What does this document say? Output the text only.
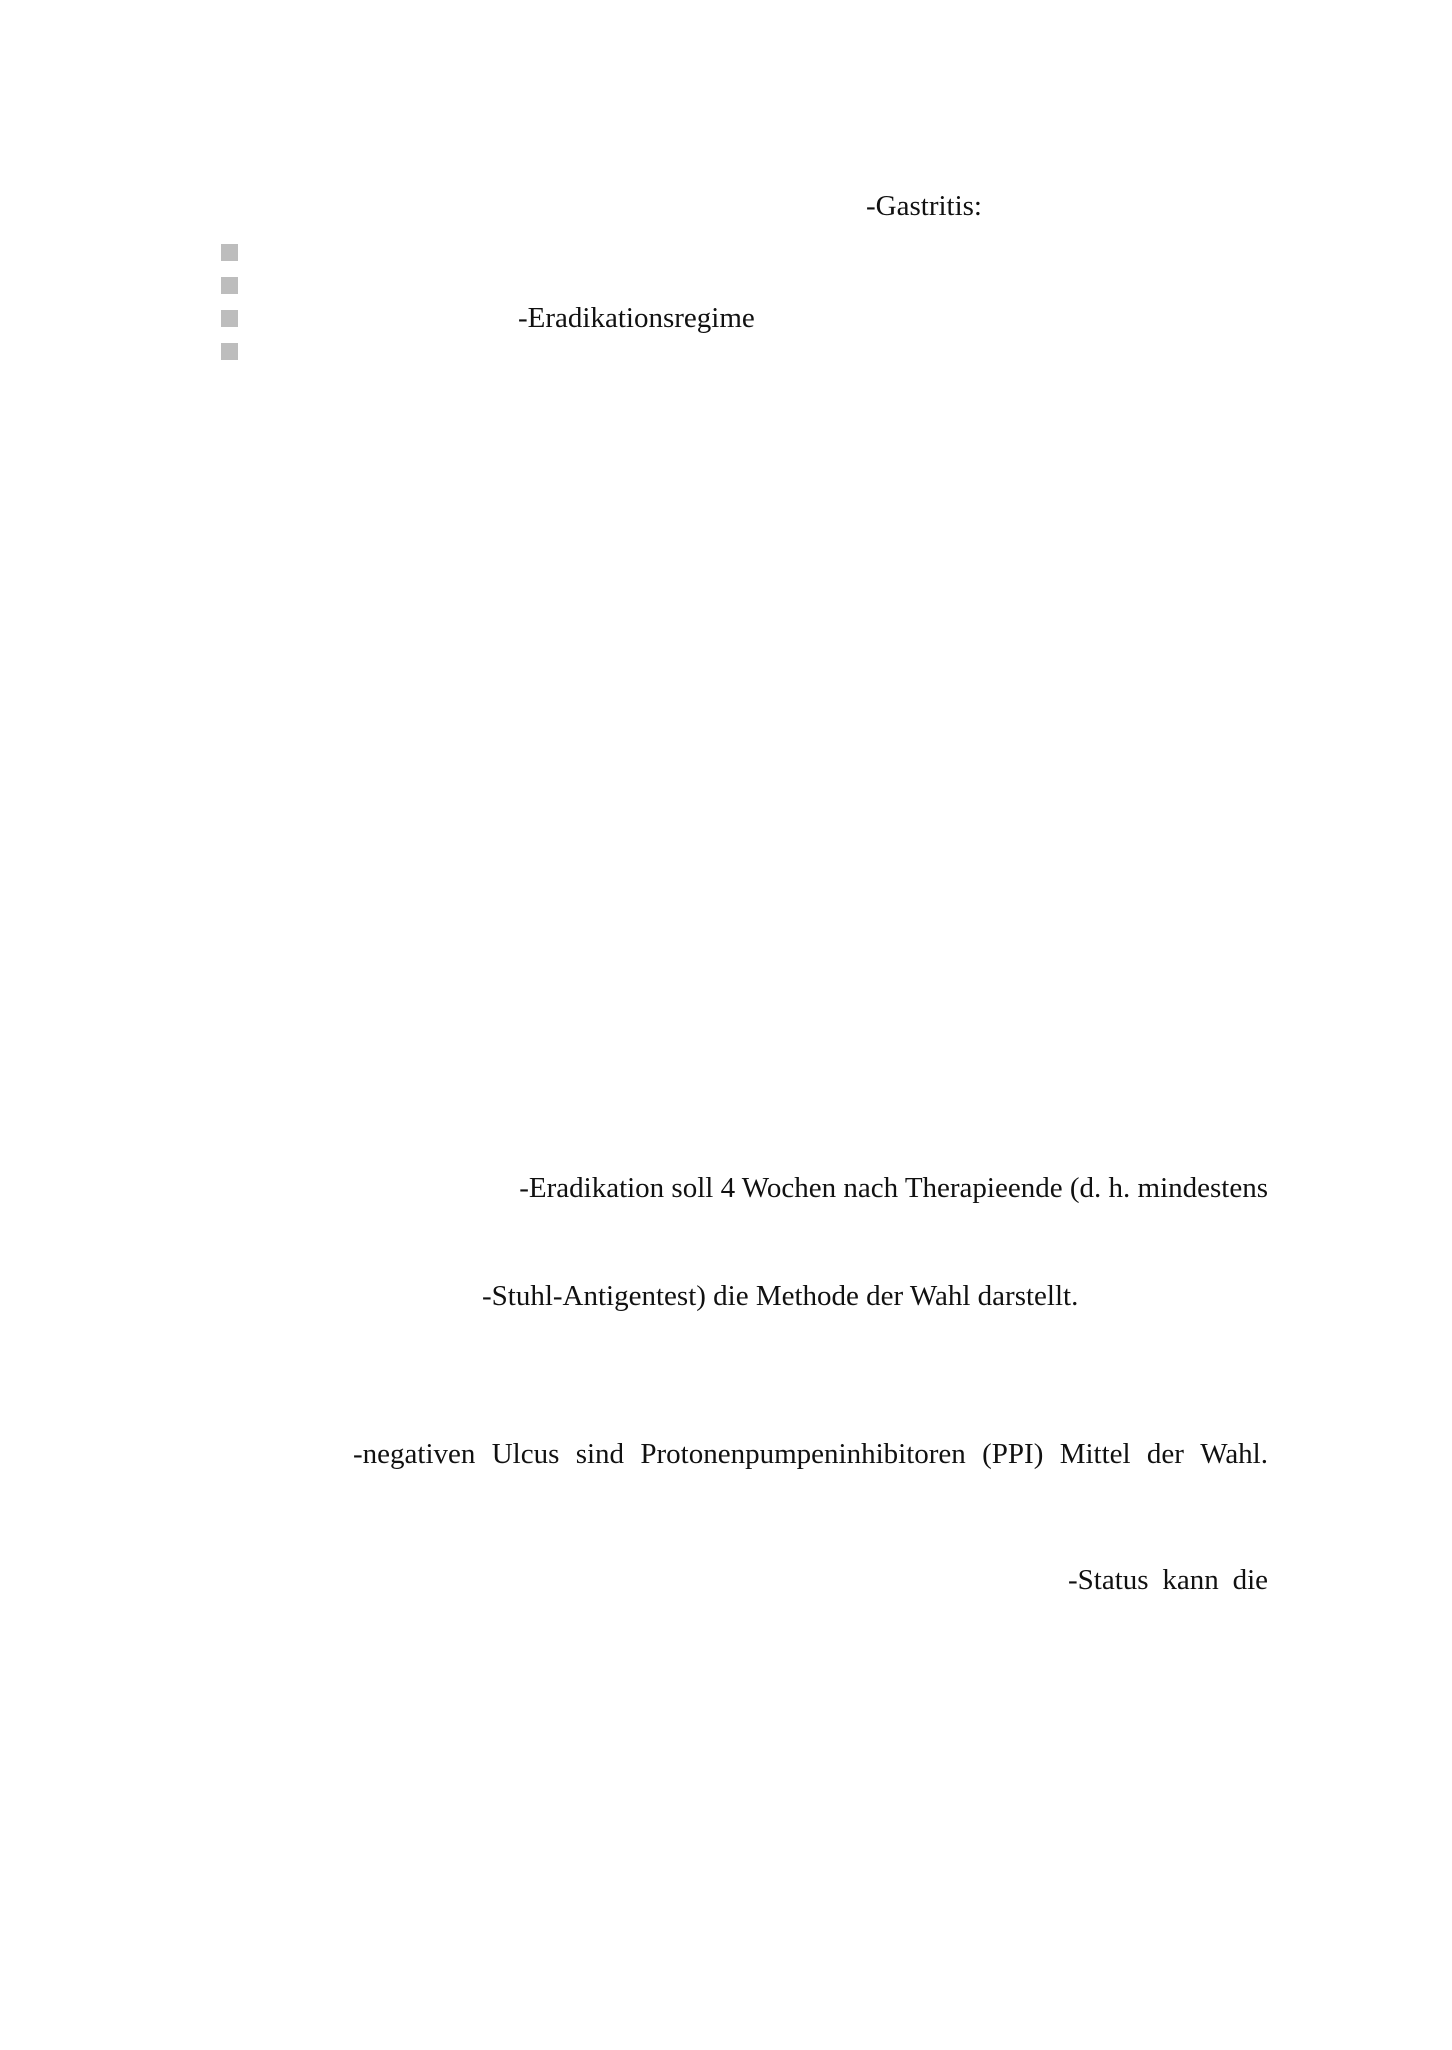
-Gastritis:
-Eradikationsregime
-Eradikation soll 4 Wochen nach Therapieende (d. h. mindestens
-Stuhl-Antigentest) die Methode der Wahl darstellt.
-negativen Ulcus sind Protonenpumpeninhibitoren (PPI) Mittel der Wahl.
-Status kann die
